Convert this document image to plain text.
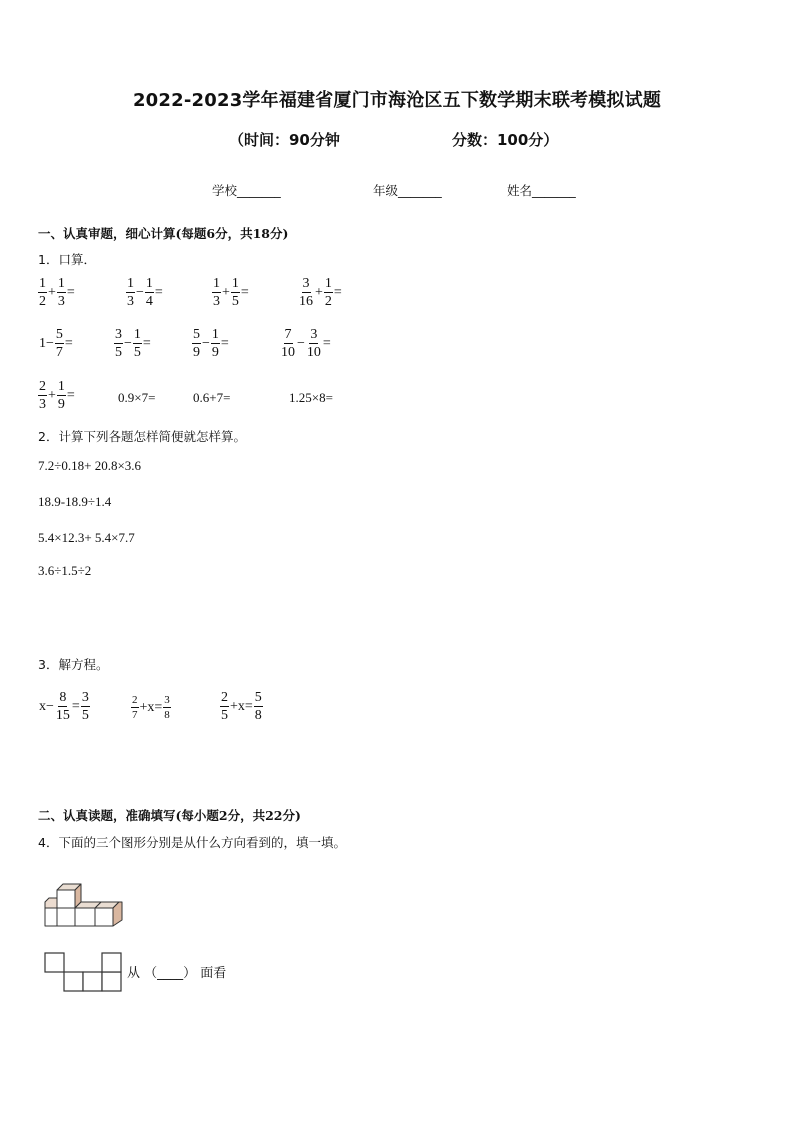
2022-2023学年福建省厦门市海沧区五下数学期末联考模拟试题
（时间：90分钟	分数：100分）
学校_______	年级_______	姓名_______
一、认真审题，细心计算(每题6分，共18分)
1．口算．
$\frac{1}{2} + \frac{1}{3}$ =	$\frac{1}{3} - \frac{1}{4}$ =	$\frac{1}{3} + \frac{1}{5}$ =	$\frac{3}{16} + \frac{1}{2}$ =
$1- \frac{5}{7}$ =	$\frac{3}{5} - \frac{1}{5}$ =	$\frac{5}{9} - \frac{1}{9}$ =	$\frac{7}{10} - \frac{3}{10}$ =
$\frac{2}{3} + \frac{1}{9}$ =	0.9×7=	0.6+7=	1.25×8=
2．计算下列各题怎样简便就怎样算。
7.2÷0.18+ 20.8×3.6
18.9-18.9÷1.4
5.4×12.3+ 5.4×7.7
3.6÷1.5÷2
3．解方程。
$x- \frac{8}{15} = \frac{3}{5}$	$\frac{2}{7} +x= \frac{3}{8}$	$\frac{2}{5} +x= \frac{5}{8}$
二、认真读题，准确填写(每小题2分，共22分)
4．下面的三个图形分别是从什么方向看到的，填一填。
从 （____） 面看
